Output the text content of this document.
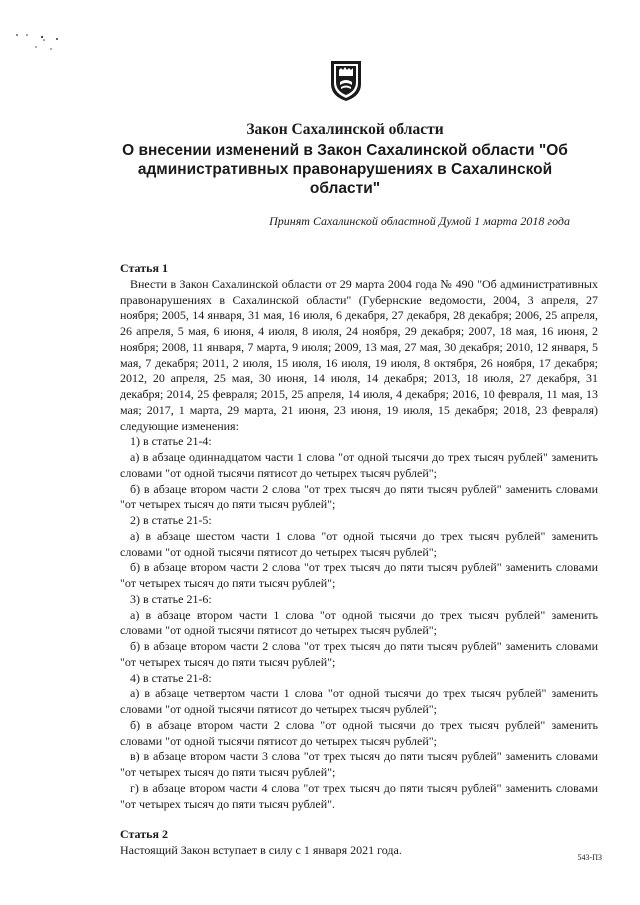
Закон Сахалинской области

О внесении изменений в Закон Сахалинской области "Об административных правонарушениях в Сахалинской области"

Принят Сахалинской областной Думой 1 марта 2018 года

Статья 1

Внести в Закон Сахалинской области от 29 марта 2004 года № 490 "Об административных правонарушениях в Сахалинской области" (Губернские ведомости, 2004, 3 апреля, 27 ноября; 2005, 14 января, 31 мая, 16 июля, 6 декабря, 27 декабря, 28 декабря; 2006, 25 апреля, 26 апреля, 5 мая, 6 июня, 4 июля, 8 июля, 24 ноября, 29 декабря; 2007, 18 мая, 16 июня, 2 ноября; 2008, 11 января, 7 марта, 9 июля; 2009, 13 мая, 27 мая, 30 декабря; 2010, 12 января, 5 мая, 7 декабря; 2011, 2 июля, 15 июля, 16 июля, 19 июля, 8 октября, 26 ноября, 17 декабря; 2012, 20 апреля, 25 мая, 30 июня, 14 июля, 14 декабря; 2013, 18 июля, 27 декабря, 31 декабря; 2014, 25 февраля; 2015, 25 апреля, 14 июля, 4 декабря; 2016, 10 февраля, 11 мая, 13 мая; 2017, 1 марта, 29 марта, 21 июня, 23 июня, 19 июля, 15 декабря; 2018, 23 февраля) следующие изменения:

1) в статье 21-4:

а) в абзаце одиннадцатом части 1 слова "от одной тысячи до трех тысяч рублей" заменить словами "от одной тысячи пятисот до четырех тысяч рублей";

б) в абзаце втором части 2 слова "от трех тысяч до пяти тысяч рублей" заменить словами "от четырех тысяч до пяти тысяч рублей";

2) в статье 21-5:

а) в абзаце шестом части 1 слова "от одной тысячи до трех тысяч рублей" заменить словами "от одной тысячи пятисот до четырех тысяч рублей";

б) в абзаце втором части 2 слова "от трех тысяч до пяти тысяч рублей" заменить словами "от четырех тысяч до пяти тысяч рублей";

3) в статье 21-6:

а) в абзаце втором части 1 слова "от одной тысячи до трех тысяч рублей" заменить словами "от одной тысячи пятисот до четырех тысяч рублей";

б) в абзаце втором части 2 слова "от трех тысяч до пяти тысяч рублей" заменить словами "от четырех тысяч до пяти тысяч рублей";

4) в статье 21-8:

а) в абзаце четвертом части 1 слова "от одной тысячи до трех тысяч рублей" заменить словами "от одной тысячи пятисот до четырех тысяч рублей";

б) в абзаце втором части 2 слова "от одной тысячи до трех тысяч рублей" заменить словами "от одной тысячи пятисот до четырех тысяч рублей";

в) в абзаце втором части 3 слова "от трех тысяч до пяти тысяч рублей" заменить словами "от четырех тысяч до пяти тысяч рублей";

г) в абзаце втором части 4 слова "от трех тысяч до пяти тысяч рублей" заменить словами "от четырех тысяч до пяти тысяч рублей".

Статья 2

Настоящий Закон вступает в силу с 1 января 2021 года.

543-ПЗ
